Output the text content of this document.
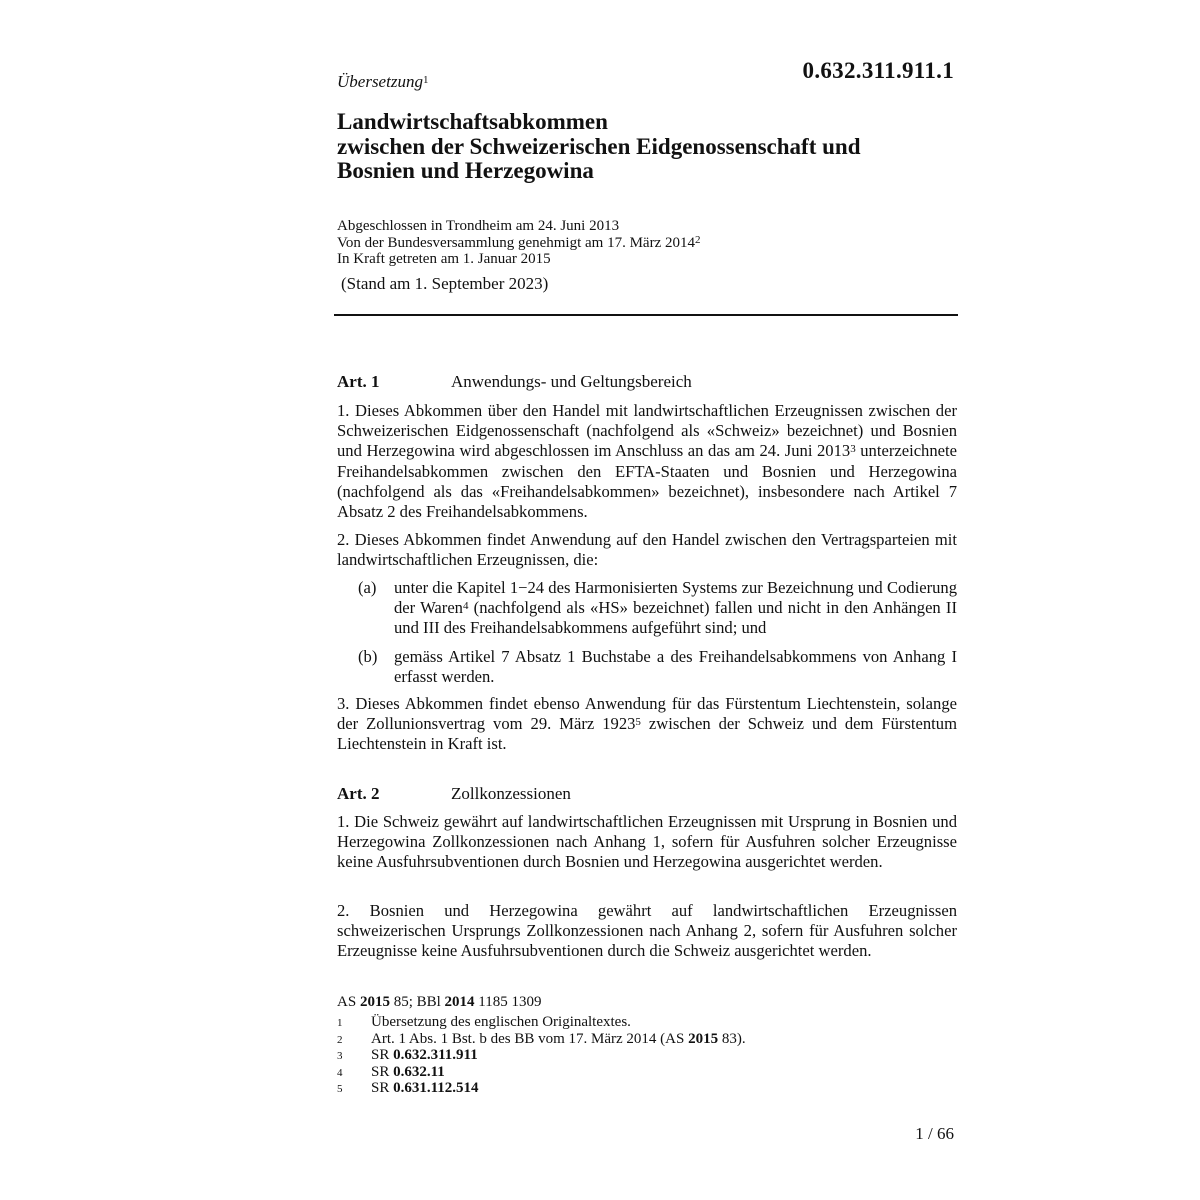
Übersetzung$^1$	0.632.311.911.1
Landwirtschaftsabkommen
zwischen der Schweizerischen Eidgenossenschaft und
Bosnien und Herzegowina
Abgeschlossen in Trondheim am 24. Juni 2013
Von der Bundesversammlung genehmigt am 17. März 2014$^2$
In Kraft getreten am 1. Januar 2015
(Stand am 1. September 2023)
Art. 1	Anwendungs- und Geltungsbereich
1. Dieses Abkommen über den Handel mit landwirtschaftlichen Erzeugnissen zwischen der Schweizerischen Eidgenossenschaft (nachfolgend als «Schweiz» bezeichnet) und Bosnien und Herzegowina wird abgeschlossen im Anschluss an das am 24. Juni 2013$^3$ unterzeichnete Freihandelsabkommen zwischen den EFTA-Staaten und Bosnien und Herzegowina (nachfolgend als das «Freihandelsabkommen» bezeichnet), insbesondere nach Artikel 7 Absatz 2 des Freihandelsabkommens.
2. Dieses Abkommen findet Anwendung auf den Handel zwischen den Vertragsparteien mit landwirtschaftlichen Erzeugnissen, die:
(a)	unter die Kapitel 1−24 des Harmonisierten Systems zur Bezeichnung und Codierung der Waren$^4$ (nachfolgend als «HS» bezeichnet) fallen und nicht in den Anhängen II und III des Freihandelsabkommens aufgeführt sind; und
(b)	gemäss Artikel 7 Absatz 1 Buchstabe a des Freihandelsabkommens von Anhang I erfasst werden.
3. Dieses Abkommen findet ebenso Anwendung für das Fürstentum Liechtenstein, solange der Zollunionsvertrag vom 29. März 1923$^5$ zwischen der Schweiz und dem Fürstentum Liechtenstein in Kraft ist.
Art. 2	Zollkonzessionen
1. Die Schweiz gewährt auf landwirtschaftlichen Erzeugnissen mit Ursprung in Bosnien und Herzegowina Zollkonzessionen nach Anhang 1, sofern für Ausfuhren solcher Erzeugnisse keine Ausfuhrsubventionen durch Bosnien und Herzegowina ausgerichtet werden.
2. Bosnien und Herzegowina gewährt auf landwirtschaftlichen Erzeugnissen schweizerischen Ursprungs Zollkonzessionen nach Anhang 2, sofern für Ausfuhren solcher Erzeugnisse keine Ausfuhrsubventionen durch die Schweiz ausgerichtet werden.
AS 2015 85; BBl 2014 1185 1309
1	Übersetzung des englischen Originaltextes.
2	Art. 1 Abs. 1 Bst. b des BB vom 17. März 2014 (AS 2015 83).
3	SR 0.632.311.911
4	SR 0.632.11
5	SR 0.631.112.514
1 / 66
